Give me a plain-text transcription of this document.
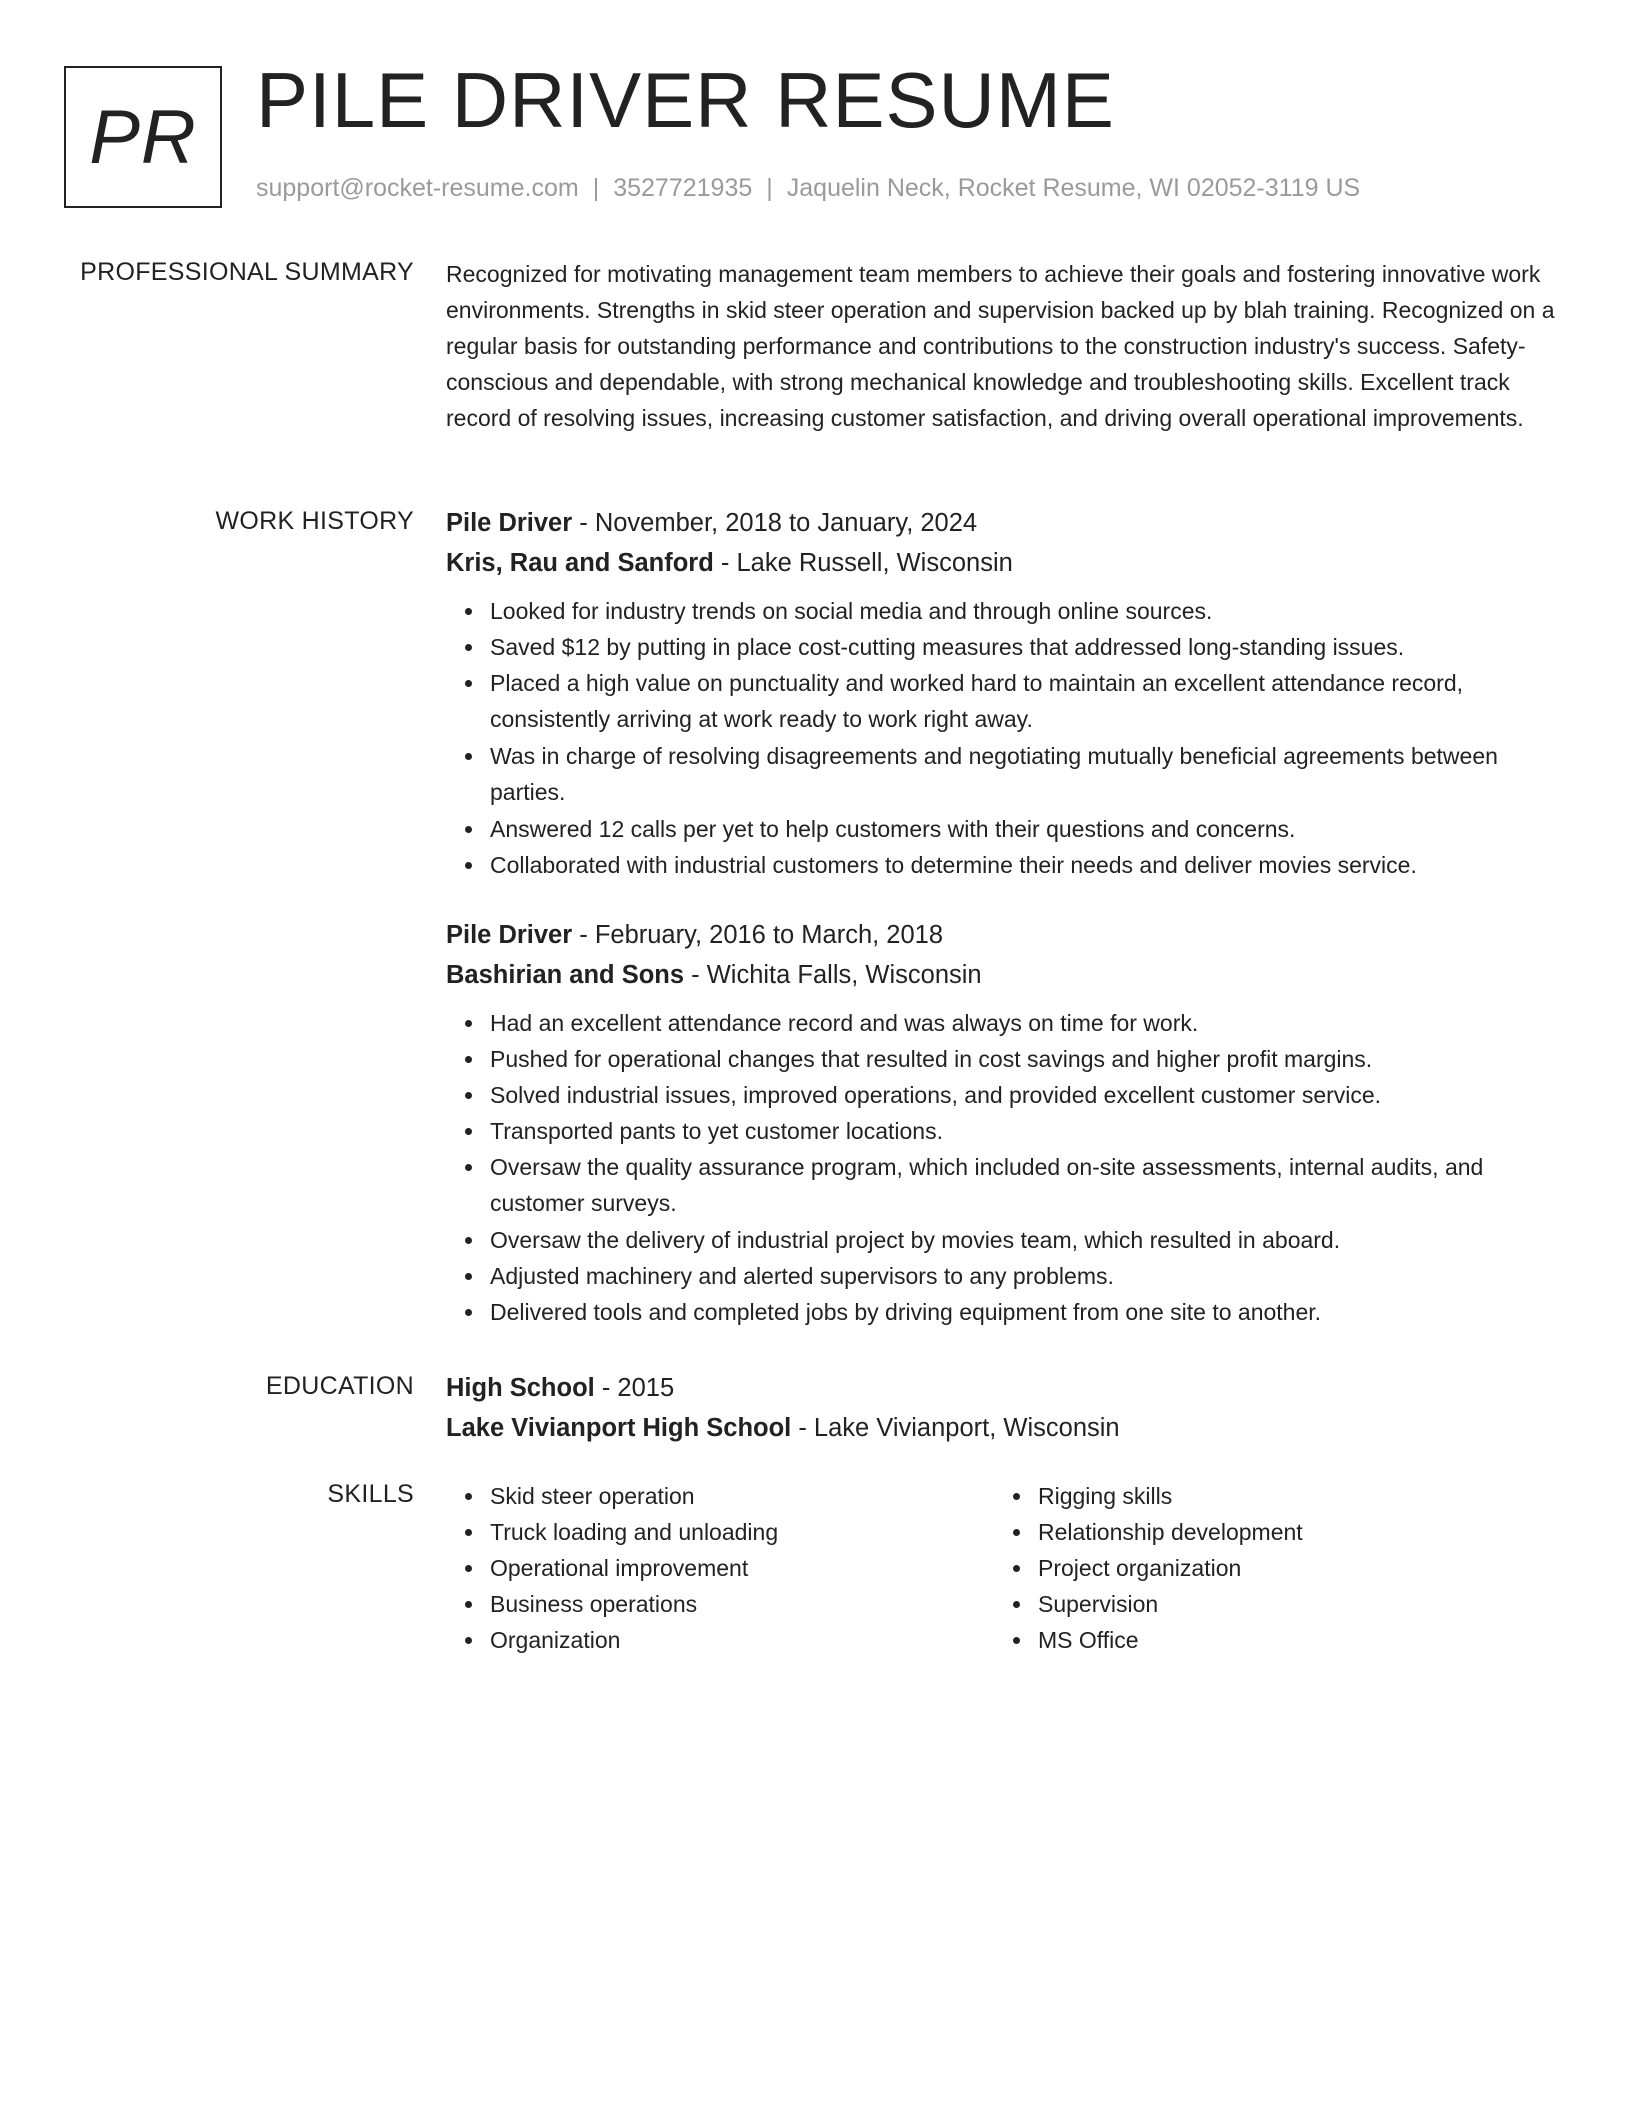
PR PILE DRIVER RESUME
support@rocket-resume.com | 3527721935 | Jaquelin Neck, Rocket Resume, WI 02052-3119 US
PROFESSIONAL SUMMARY Recognized for motivating management team members to achieve their goals and fostering innovative work environments. Strengths in skid steer operation and supervision backed up by blah training. Recognized on a regular basis for outstanding performance and contributions to the construction industry's success. Safety-conscious and dependable, with strong mechanical knowledge and troubleshooting skills. Excellent track record of resolving issues, increasing customer satisfaction, and driving overall operational improvements.

WORK HISTORY Pile Driver - November, 2018 to January, 2024
Kris, Rau and Sanford - Lake Russell, Wisconsin
Looked for industry trends on social media and through online sources.
Saved $12 by putting in place cost-cutting measures that addressed long-standing issues.
Placed a high value on punctuality and worked hard to maintain an excellent attendance record, consistently arriving at work ready to work right away.
Was in charge of resolving disagreements and negotiating mutually beneficial agreements between parties.
Answered 12 calls per yet to help customers with their questions and concerns.
Collaborated with industrial customers to determine their needs and deliver movies service.
Pile Driver - February, 2016 to March, 2018
Bashirian and Sons - Wichita Falls, Wisconsin
Had an excellent attendance record and was always on time for work.
Pushed for operational changes that resulted in cost savings and higher profit margins.
Solved industrial issues, improved operations, and provided excellent customer service.
Transported pants to yet customer locations.
Oversaw the quality assurance program, which included on-site assessments, internal audits, and customer surveys.
Oversaw the delivery of industrial project by movies team, which resulted in aboard.
Adjusted machinery and alerted supervisors to any problems.
Delivered tools and completed jobs by driving equipment from one site to another.
EDUCATION High School - 2015
Lake Vivianport High School - Lake Vivianport, Wisconsin
SKILLS	Skid steer operation
Truck loading and unloading
Operational improvement
Business operations
Organization
Rigging skills
Relationship development
Project organization
Supervision
MS Office
